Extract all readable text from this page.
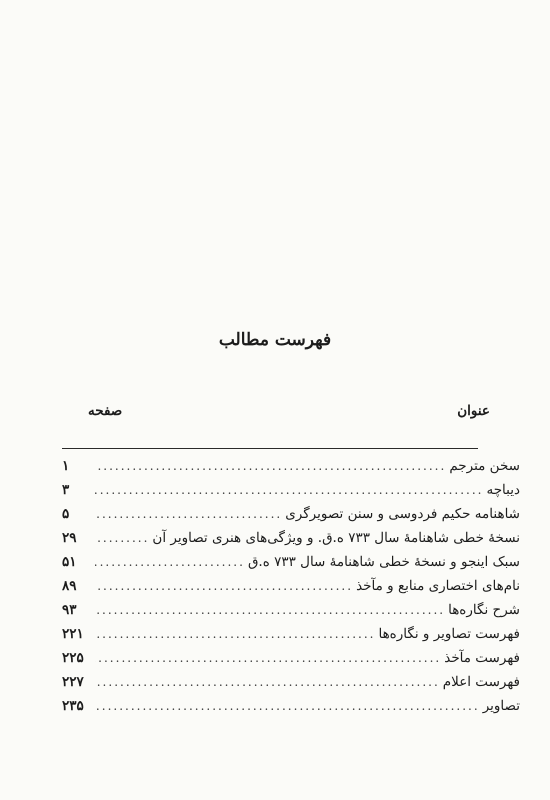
فهرست مطالب
عنوان
صفحه
سخن مترجم
.....
۱
دیباچه
.....
۳
شاهنامه حکیم فردوسی و سنن تصویرگری
.....
۵
نسخهٔ خطی شاهنامهٔ سال ۷۳۳ ه.ق. و ویژگی‌های هنری تصاویر آن
.....
۲۹
سبک اینجو و نسخهٔ خطی شاهنامهٔ سال ۷۳۳ ه.ق
.....
۵۱
نام‌های اختصاری منابع و مآخذ
.....
۸۹
شرح نگاره‌ها
.....
۹۳
فهرست تصاویر و نگاره‌ها
.....
۲۲۱
فهرست مآخذ
.....
۲۲۵
فهرست اعلام
.....
۲۲۷
تصاویر
.....
۲۳۵
